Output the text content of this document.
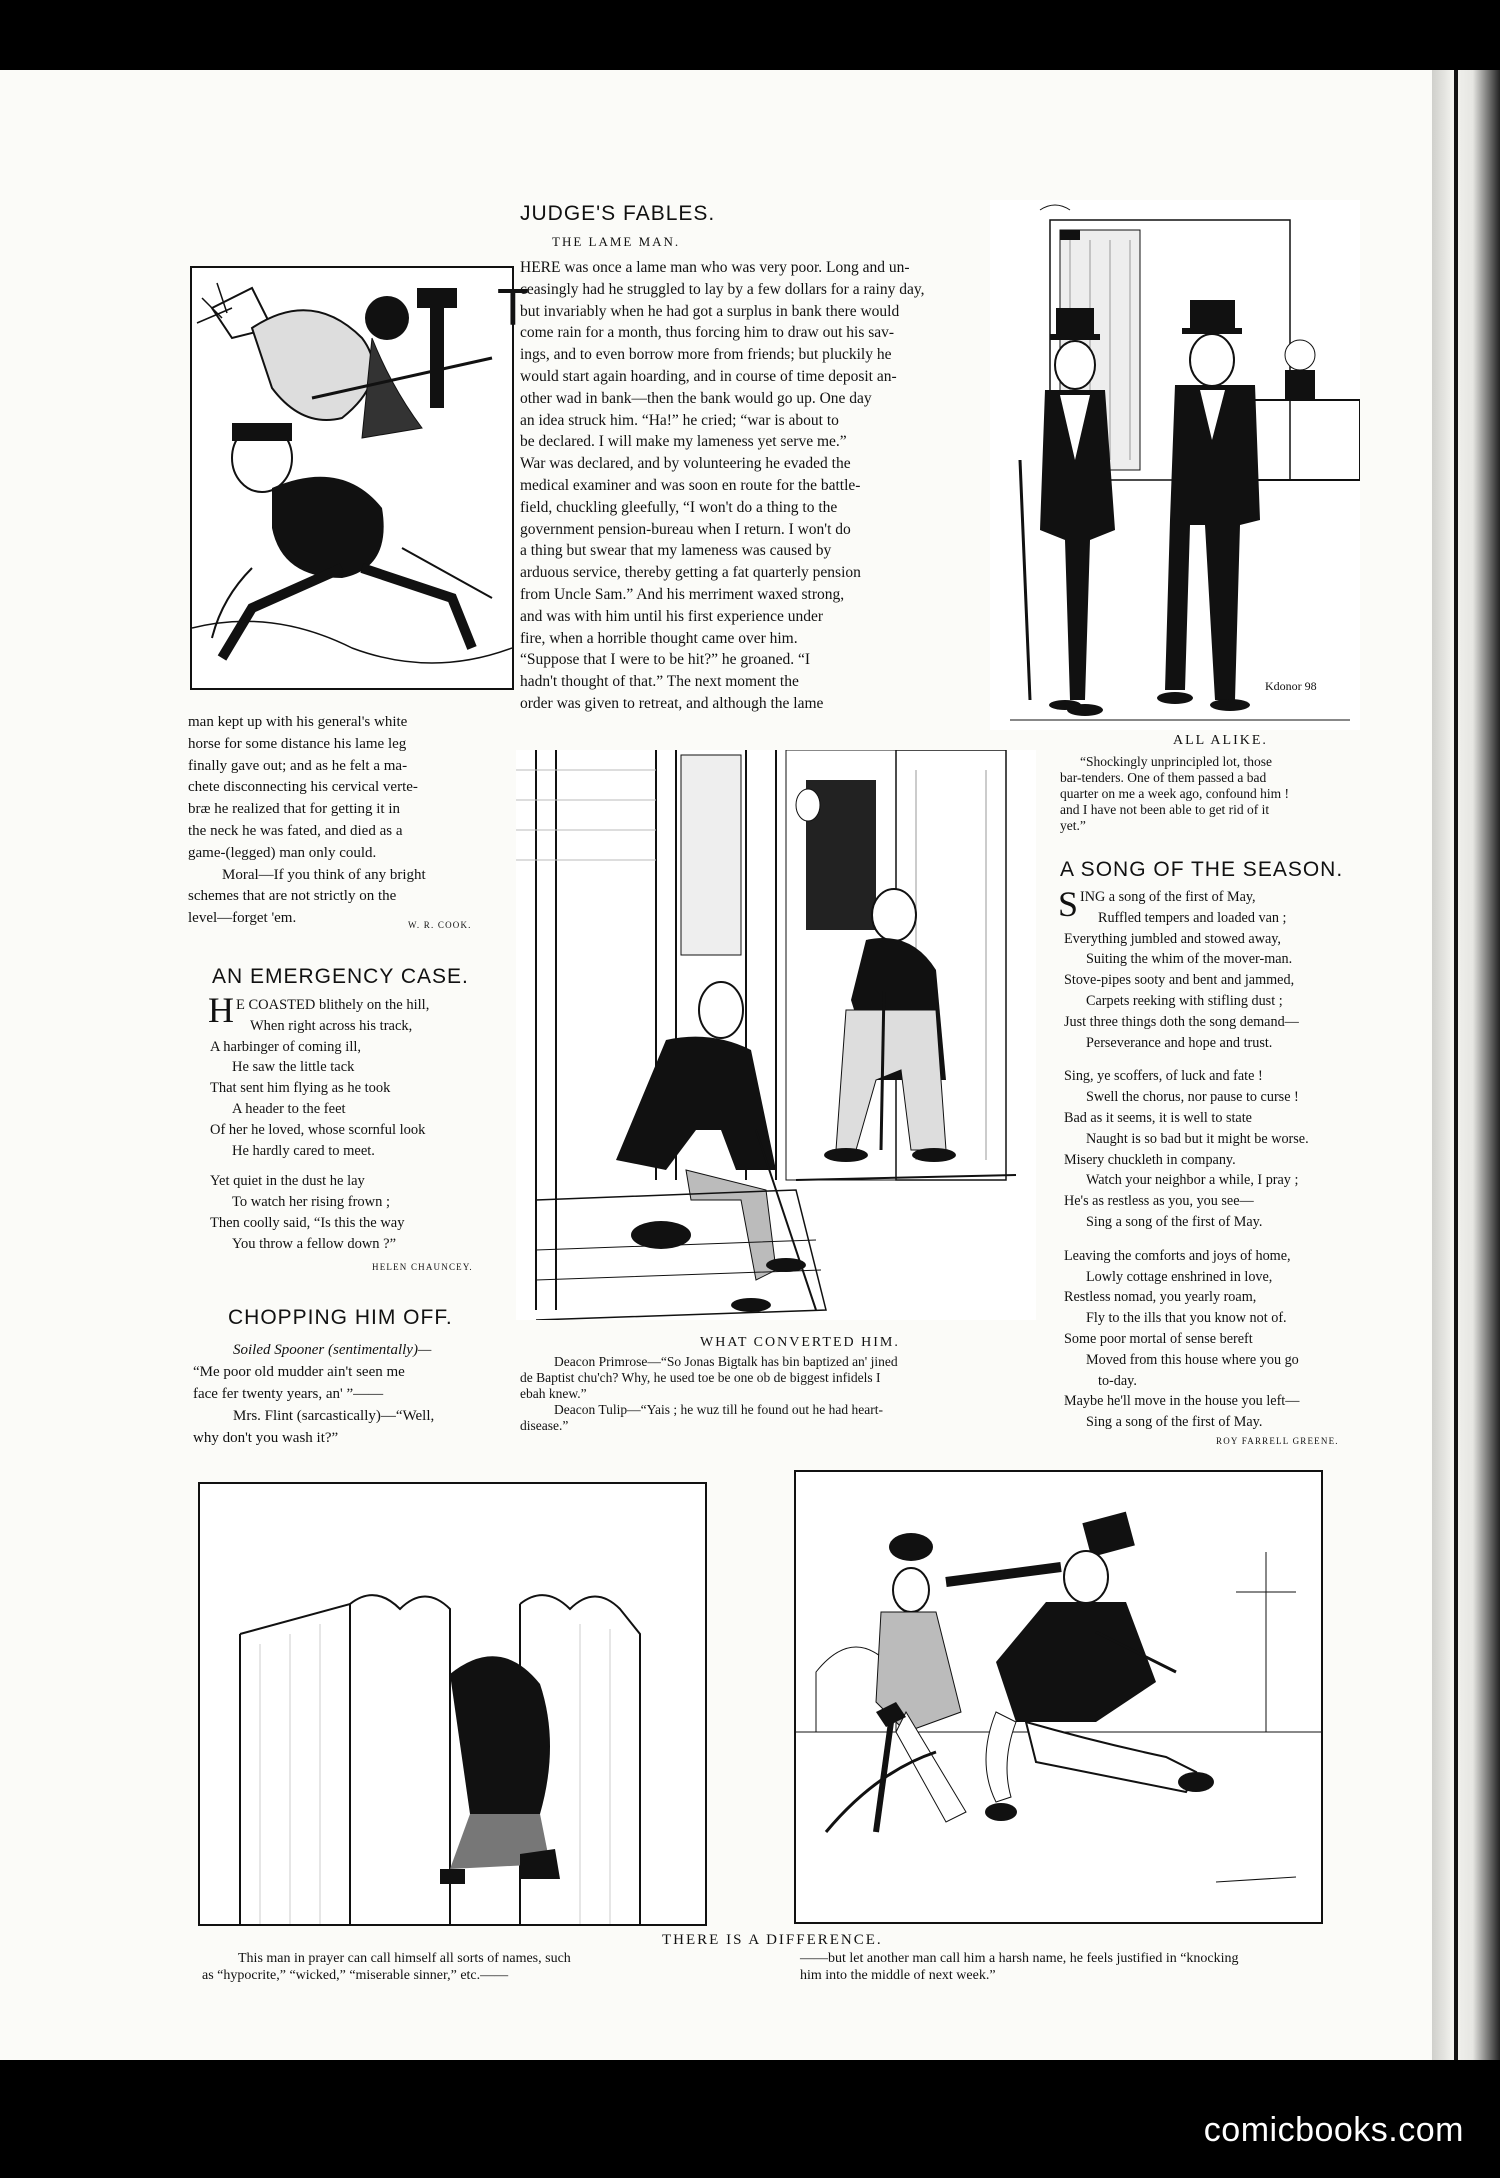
JUDGE'S FABLES.
THE LAME MAN.

HERE was once a lame man who was very poor. Long and un-

ceasingly had he struggled to lay by a few dollars for a rainy day,

but invariably when he had got a surplus in bank there would

come rain for a month, thus forcing him to draw out his sav-

ings, and to even borrow more from friends; but pluckily he

would start again hoarding, and in course of time deposit an-

other wad in bank—then the bank would go up. One day

an idea struck him. “Ha!” he cried; “war is about to

be declared. I will make my lameness yet serve me.”

War was declared, and by volunteering he evaded the

medical examiner and was soon en route for the battle-

field, chuckling gleefully, “I won't do a thing to the

government pension-bureau when I return. I won't do

a thing but swear that my lameness was caused by

arduous service, thereby getting a fat quarterly pension

from Uncle Sam.” And his merriment waxed strong,

and was with him until his first experience under

fire, when a horrible thought came over him.

“Suppose that I were to be hit?” he groaned. “I

hadn't thought of that.” The next moment the

order was given to retreat, and although the lame

T
Kdonor 98
ALL ALIKE.
“Shockingly unprincipled lot, those
bar-tenders. One of them passed a bad
quarter on me a week ago, confound him !
and I have not been able to get rid of it
yet.”

man kept up with his general's white

horse for some distance his lame leg

finally gave out; and as he felt a ma-

chete disconnecting his cervical verte-

bræ he realized that for getting it in

the neck he was fated, and died as a

game-(legged) man only could.

Moral—If you think of any bright

schemes that are not strictly on the

level—forget 'em.	W. R. COOK.
AN EMERGENCY CASE.
H E COASTED blithely on the hill,
When right across his track,
A harbinger of coming ill,
He saw the little tack
That sent him flying as he took
A header to the feet
Of her he loved, whose scornful look
He hardly cared to meet.
Yet quiet in the dust he lay
To watch her rising frown ;
Then coolly said, “Is this the way
You throw a fellow down ?”
HELEN CHAUNCEY.
CHOPPING HIM OFF.

Soiled Spooner (sentimentally)—

“Me poor old mudder ain't seen me

face fer twenty years, an' ”——

Mrs. Flint (sarcastically)—“Well,

why don't you wash it?”

WHAT CONVERTED HIM.
Deacon Primrose—“So Jonas Bigtalk has bin baptized an' jined
de Baptist chu'ch? Why, he used toe be one ob de biggest infidels I
ebah knew.”
Deacon Tulip—“Yais ; he wuz till he found out he had heart-
disease.”
A SONG OF THE SEASON.
S ING a song of the first of May,
Ruffled tempers and loaded van ;
Everything jumbled and stowed away,
Suiting the whim of the mover-man.
Stove-pipes sooty and bent and jammed,
Carpets reeking with stifling dust ;
Just three things doth the song demand—
Perseverance and hope and trust.
Sing, ye scoffers, of luck and fate !
Swell the chorus, nor pause to curse !
Bad as it seems, it is well to state
Naught is so bad but it might be worse.
Misery chuckleth in company.
Watch your neighbor a while, I pray ;
He's as restless as you, you see—
Sing a song of the first of May.
Leaving the comforts and joys of home,
Lowly cottage enshrined in love,
Restless nomad, you yearly roam,
Fly to the ills that you know not of.
Some poor mortal of sense bereft
Moved from this house where you go
to-day.
Maybe he'll move in the house you left—
Sing a song of the first of May.
ROY FARRELL GREENE.
THERE IS A DIFFERENCE.
This man in prayer can call himself all sorts of names, such
as “hypocrite,” “wicked,” “miserable sinner,” etc.——
——but let another man call him a harsh name, he feels justified in “knocking
him into the middle of next week.”
comicbooks.com
